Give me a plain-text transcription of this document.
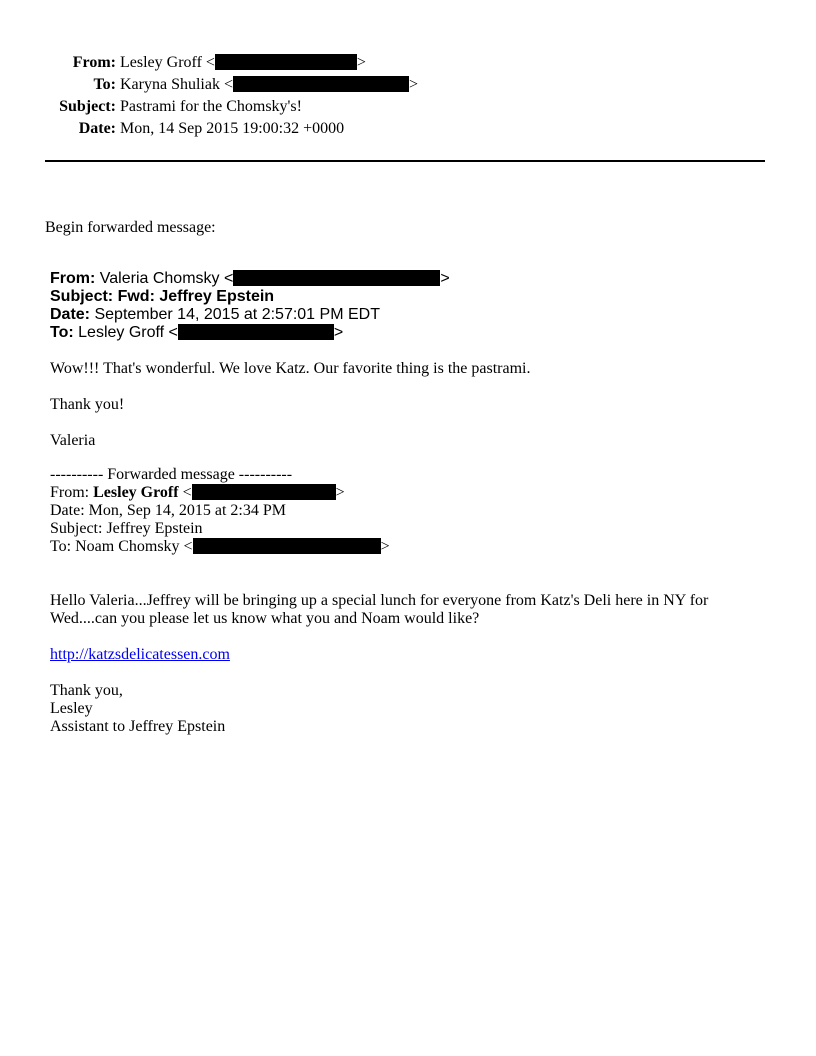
From: Lesley Groff <	>
To: Karyna Shuliak <	>
Subject: Pastrami for the Chomsky's!
Date: Mon, 14 Sep 2015 19:00:32 +0000
Begin forwarded message:
From: Valeria Chomsky <	>
Subject: Fwd: Jeffrey Epstein
Date: September 14, 2015 at 2:57:01 PM EDT
To: Lesley Groff <	>

Wow!!! That's wonderful. We love Katz. Our favorite thing is the pastrami.

Thank you!

Valeria

---------- Forwarded message ----------

From: Lesley Groff <	>

Date: Mon, Sep 14, 2015 at 2:34 PM

Subject: Jeffrey Epstein

To: Noam Chomsky <	>

Hello Valeria...Jeffrey will be bringing up a special lunch for everyone from Katz's Deli here in NY for

Wed....can you please let us know what you and Noam would like?

http://katzsdelicatessen.com

Thank you,

Lesley

Assistant to Jeffrey Epstein
